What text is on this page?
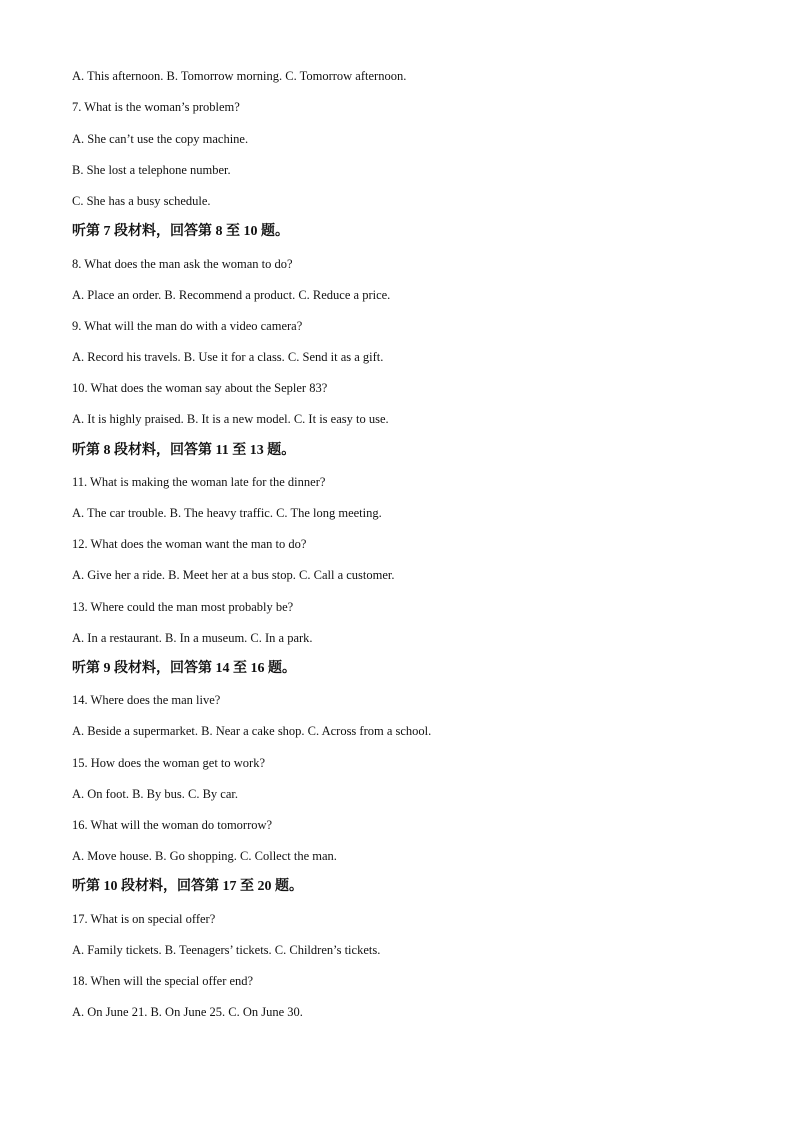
A. This afternoon. B. Tomorrow morning. C. Tomorrow afternoon.
7. What is the woman’s problem?
A. She can’t use the copy machine.
B. She lost a telephone number.
C. She has a busy schedule.
听第 7 段材料，回答第 8 至 10 题。
8. What does the man ask the woman to do?
A. Place an order. B. Recommend a product. C. Reduce a price.
9. What will the man do with a video camera?
A. Record his travels. B. Use it for a class. C. Send it as a gift.
10. What does the woman say about the Sepler 83?
A. It is highly praised. B. It is a new model. C. It is easy to use.
听第 8 段材料，回答第 11 至 13 题。
11. What is making the woman late for the dinner?
A. The car trouble. B. The heavy traffic. C. The long meeting.
12. What does the woman want the man to do?
A. Give her a ride. B. Meet her at a bus stop. C. Call a customer.
13. Where could the man most probably be?
A. In a restaurant. B. In a museum. C. In a park.
听第 9 段材料，回答第 14 至 16 题。
14. Where does the man live?
A. Beside a supermarket. B. Near a cake shop. C. Across from a school.
15. How does the woman get to work?
A. On foot. B. By bus. C. By car.
16. What will the woman do tomorrow?
A. Move house. B. Go shopping. C. Collect the man.
听第 10 段材料，回答第 17 至 20 题。
17. What is on special offer?
A. Family tickets. B. Teenagers’ tickets. C. Children’s tickets.
18. When will the special offer end?
A. On June 21. B. On June 25. C. On June 30.
